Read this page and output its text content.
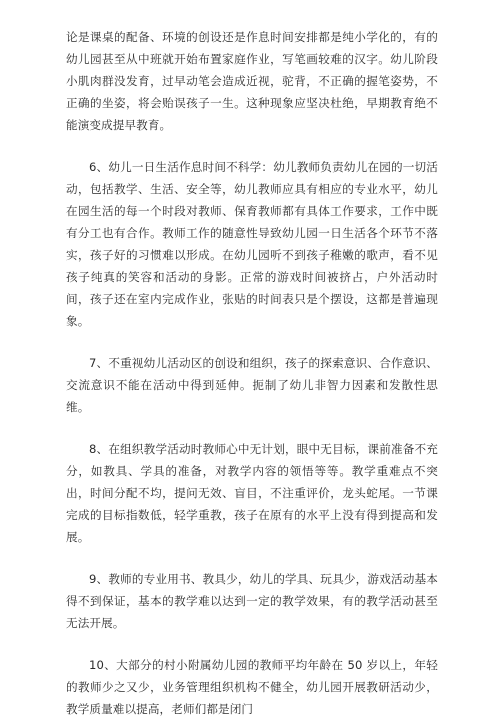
论是课桌的配备、环境的创设还是作息时间安排都是纯小学化的，有的幼儿园甚至从中班就开始布置家庭作业，写笔画较难的汉字。幼儿阶段小肌肉群没发育，过早动笔会造成近视，驼背，不正确的握笔姿势，不正确的坐姿，将会贻误孩子一生。这种现象应坚决杜绝，早期教育绝不能演变成提早教育。

6、幼儿一日生活作息时间不科学：幼儿教师负责幼儿在园的一切活动，包括教学、生活、安全等，幼儿教师应具有相应的专业水平，幼儿在园生活的每一个时段对教师、保育教师都有具体工作要求，工作中既有分工也有合作。教师工作的随意性导致幼儿园一日生活各个环节不落实，孩子好的习惯难以形成。在幼儿园听不到孩子稚嫩的歌声，看不见孩子纯真的笑容和活动的身影。正常的游戏时间被挤占，户外活动时间，孩子还在室内完成作业，张贴的时间表只是个摆设，这都是普遍现象。

7、不重视幼儿活动区的创设和组织，孩子的探索意识、合作意识、交流意识不能在活动中得到延伸。扼制了幼儿非智力因素和发散性思维。

8、在组织教学活动时教师心中无计划，眼中无目标，课前准备不充分，如教具、学具的准备，对教学内容的领悟等等。教学重难点不突出，时间分配不均，提问无效、盲目，不注重评价，龙头蛇尾。一节课完成的目标指数低，轻学重教，孩子在原有的水平上没有得到提高和发展。

9、教师的专业用书、教具少，幼儿的学具、玩具少，游戏活动基本得不到保证，基本的教学难以达到一定的教学效果，有的教学活动甚至无法开展。

10、大部分的村小附属幼儿园的教师平均年龄在 50 岁以上，年轻的教师少之又少，业务管理组织机构不健全，幼儿园开展教研活动少，教学质量难以提高，老师们都是闭门
